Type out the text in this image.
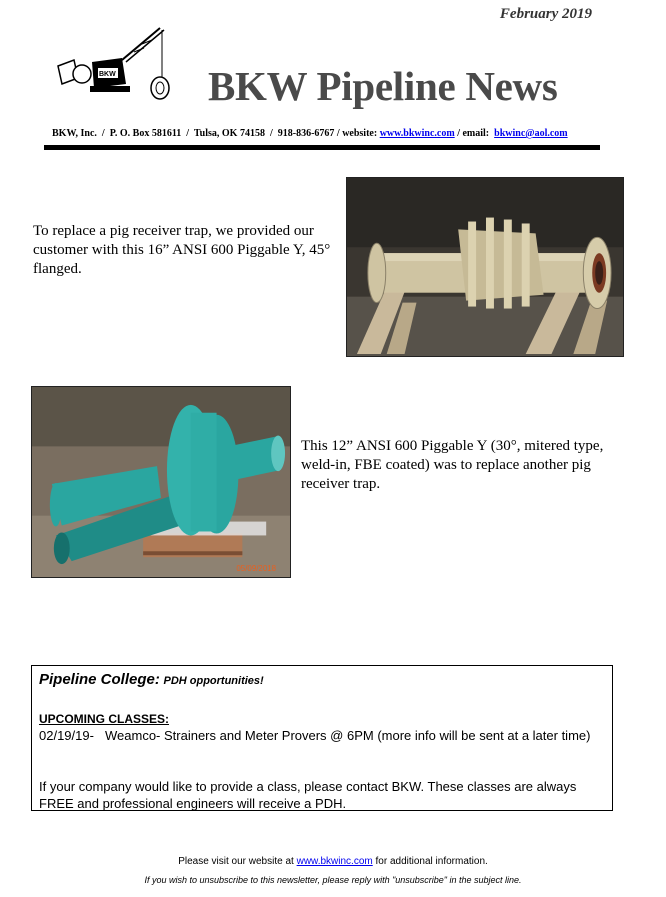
February 2019
BKW BKW Pipeline News
BKW, Inc.  /  P. O. Box 581611  /  Tulsa, OK 74158  /  918-836-6767 / website: www.bkwinc.com / email: bkwinc@aol.com
To replace a pig receiver trap, we provided our customer with this 16” ANSI 600 Piggable Y, 45° flanged.
05/09/2018
This 12” ANSI 600 Piggable Y (30°, mitered type, weld-in, FBE coated) was to replace another pig receiver trap.
Pipeline College: PDH opportunities!
UPCOMING CLASSES:
02/19/19- Weamco- Strainers and Meter Provers @ 6PM (more info will be sent at a later time)
If your company would like to provide a class, please contact BKW. These classes are always FREE and professional engineers will receive a PDH.
Please visit our website at www.bkwinc.com for additional information.
If you wish to unsubscribe to this newsletter, please reply with "unsubscribe" in the subject line.
